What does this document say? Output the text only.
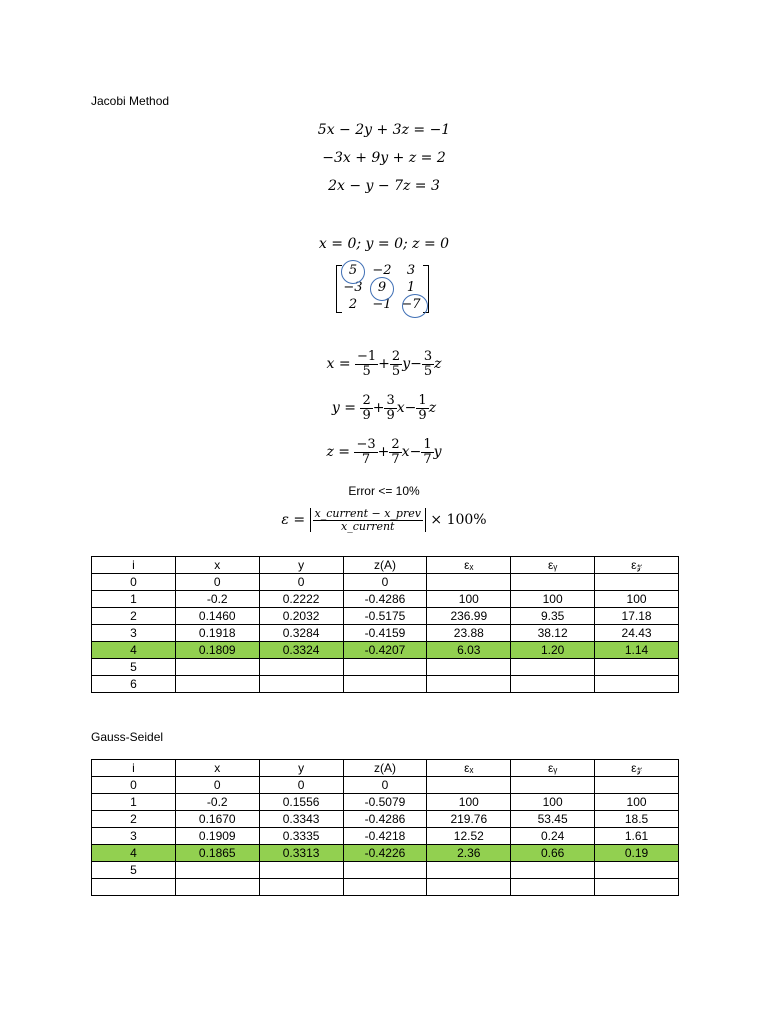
Jacobi Method
5x − 2y + 3z = −1
−3x + 9y + z = 2
2x − y − 7z = 3
x = 0; y = 0; z = 0
5	−2	3
−3	9	1
2	−1 −7
$x = \frac{-1}{5} + \frac{2}{5} y- \frac{3}{5}$ z
$y = \frac{2}{9} + \frac{3}{9} x- \frac{1}{9}$ z
$z = \frac{-3}{7} + \frac{2}{7} x- \frac{1}{7}$ y
Error <= 10%
$\varepsilon = \frac{\text{x\_current − x\_prev}}{\text{x\_current}} \times 100\%$
i	x	y	z(A)	εₓ	εᵧ	ε𝓏
0	0	0	0			
1	-0.2	0.2222	-0.4286	100	100	100
2	0.1460	0.2032	-0.5175	236.99	9.35	17.18
3	0.1918	0.3284	-0.4159	23.88	38.12	24.43
4	0.1809	0.3324	-0.4207	6.03	1.20	1.14
5						
6						
Gauss-Seidel
i	x	y	z(A)	εₓ	εᵧ	ε𝓏
0	0	0	0			
1	-0.2	0.1556	-0.5079	100	100	100
2	0.1670	0.3343	-0.4286	219.76	53.45	18.5
3	0.1909	0.3335	-0.4218	12.52	0.24	1.61
4	0.1865	0.3313	-0.4226	2.36	0.66	0.19
5						
